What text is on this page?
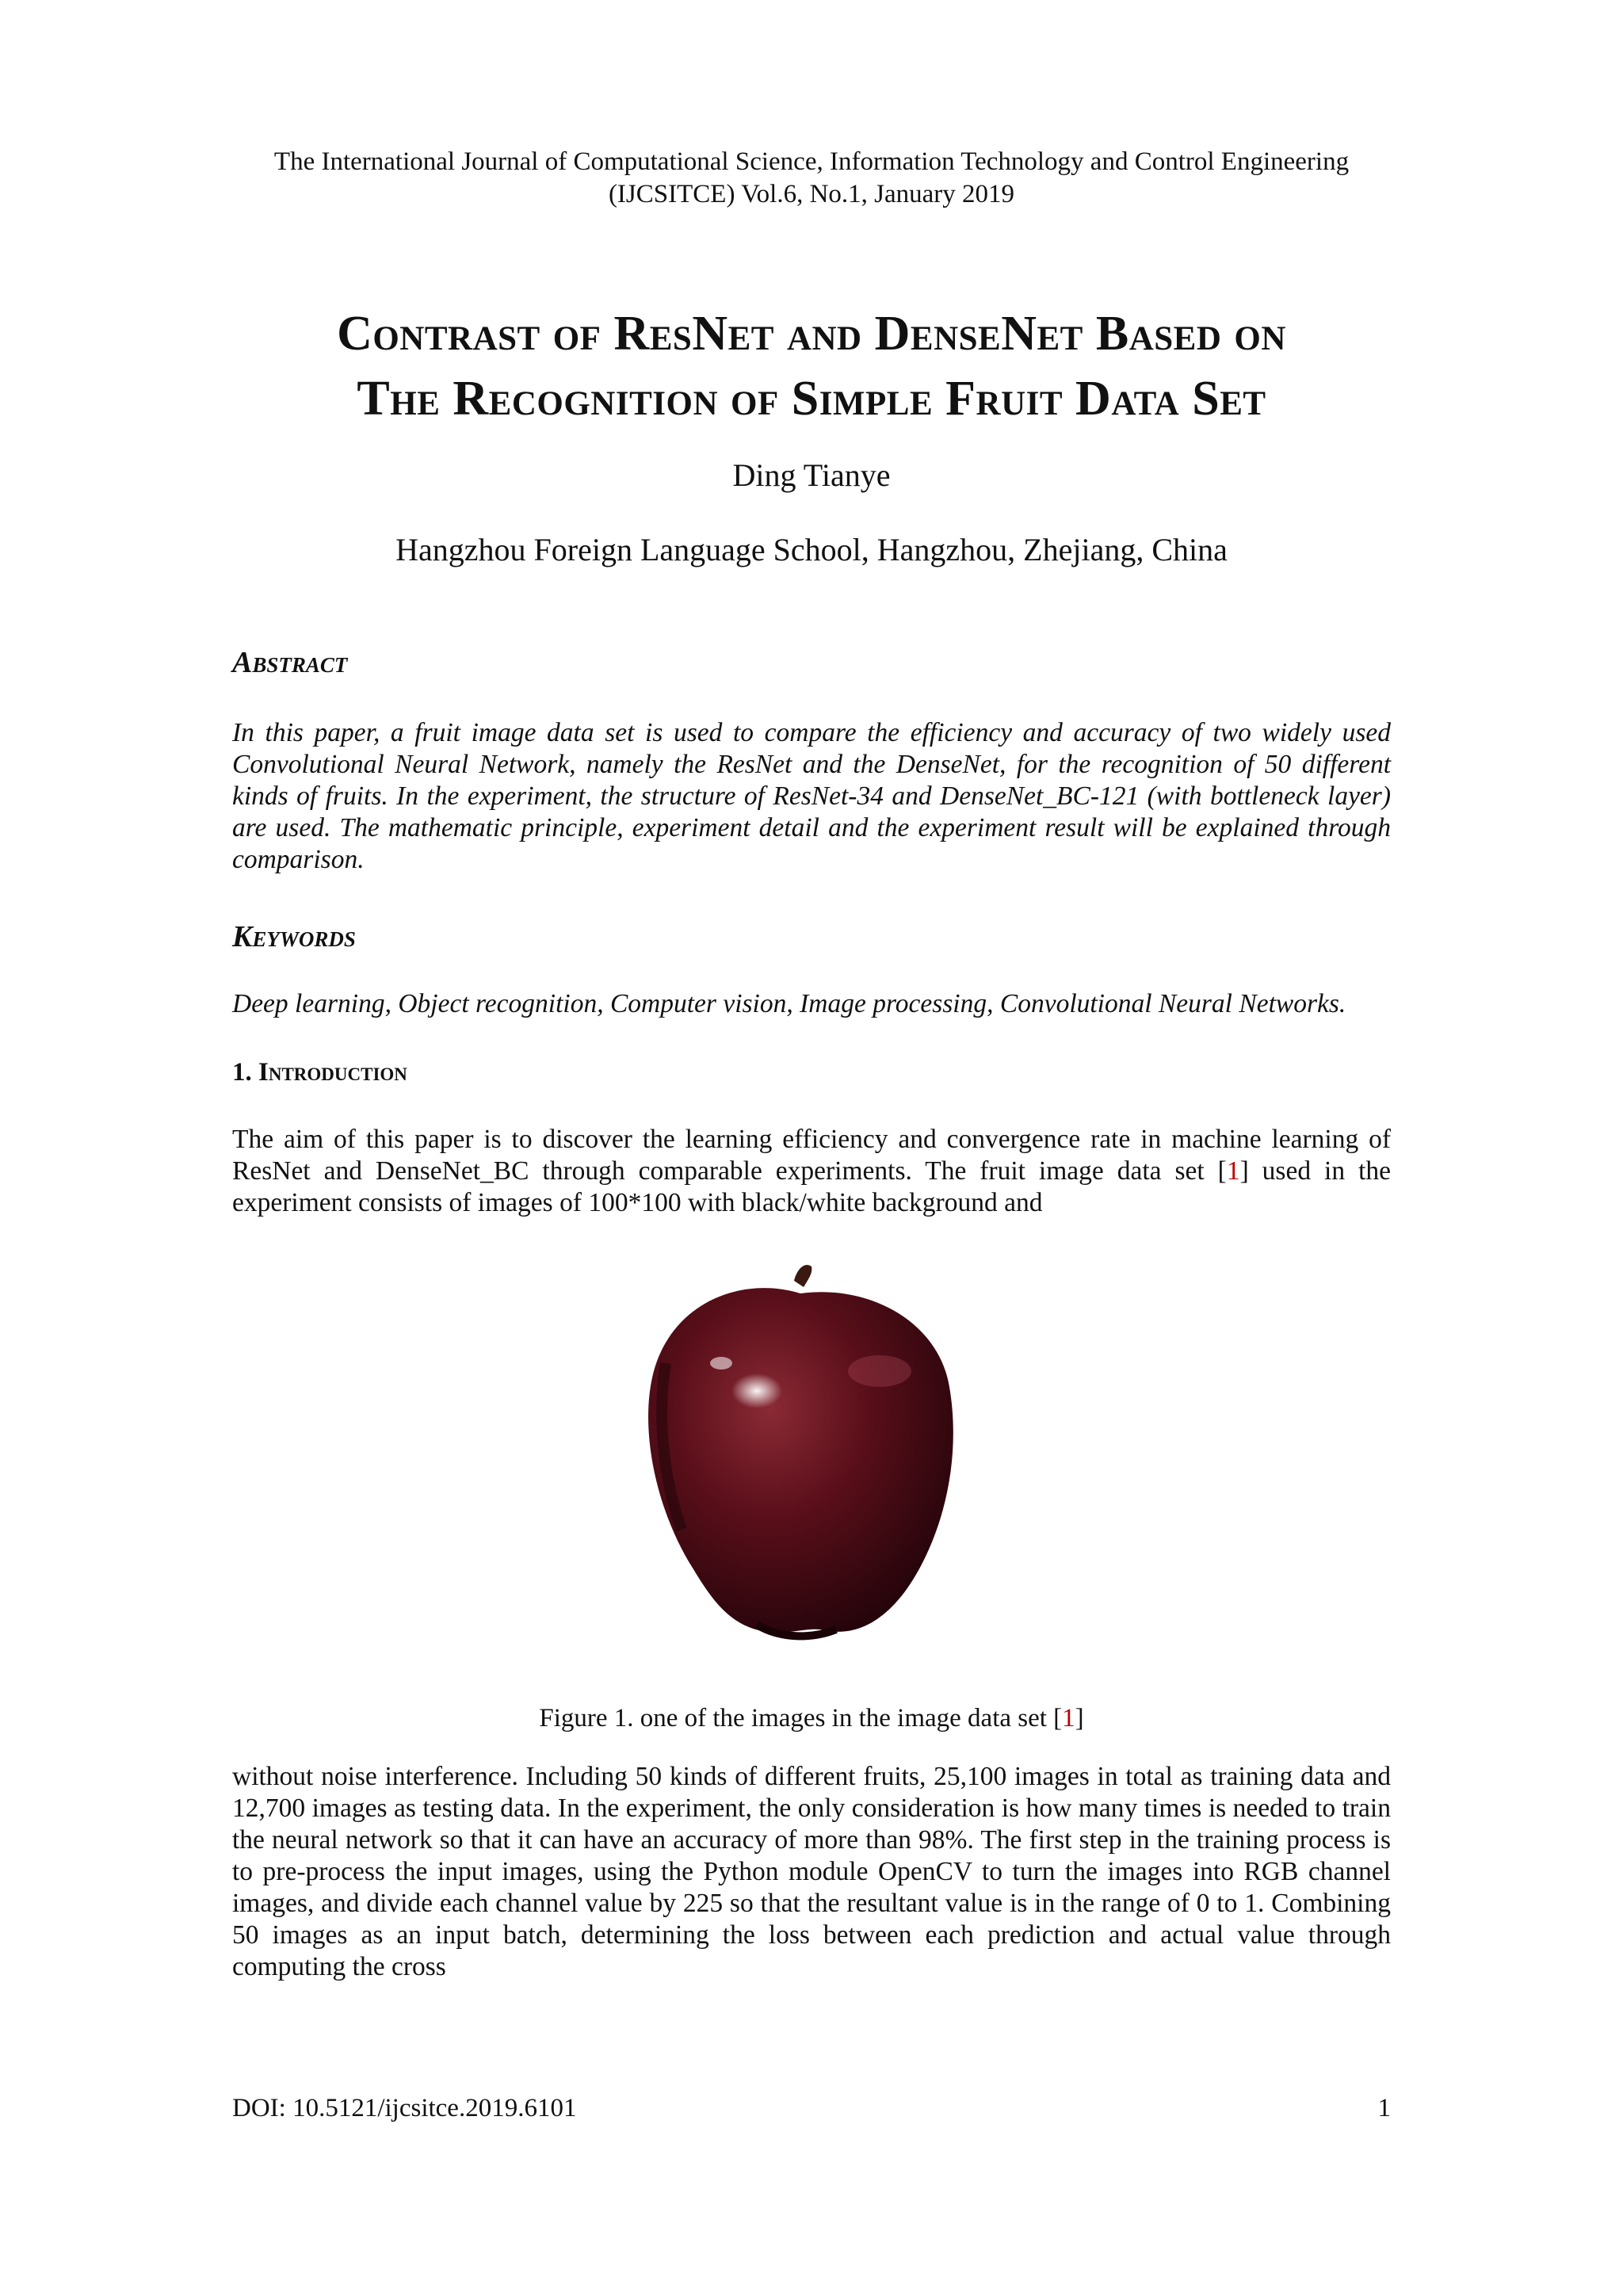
The International Journal of Computational Science, Information Technology and Control Engineering
(IJCSITCE) Vol.6, No.1, January 2019
Contrast of ResNet and DenseNet Based on
The Recognition of Simple Fruit Data Set
Ding Tianye
Hangzhou Foreign Language School, Hangzhou, Zhejiang, China
Abstract
In this paper, a fruit image data set is used to compare the efficiency and accuracy of two widely used Convolutional Neural Network, namely the ResNet and the DenseNet, for the recognition of 50 different kinds of fruits. In the experiment, the structure of ResNet-34 and DenseNet_BC-121 (with bottleneck layer) are used. The mathematic principle, experiment detail and the experiment result will be explained through comparison.
Keywords
Deep learning, Object recognition, Computer vision, Image processing, Convolutional Neural Networks.
1. Introduction
The aim of this paper is to discover the learning efficiency and convergence rate in machine learning of ResNet and DenseNet_BC through comparable experiments. The fruit image data set [1] used in the experiment consists of images of 100*100 with black/white background and
Figure 1. one of the images in the image data set [1]
without noise interference. Including 50 kinds of different fruits, 25,100 images in total as training data and 12,700 images as testing data. In the experiment, the only consideration is how many times is needed to train the neural network so that it can have an accuracy of more than 98%. The first step in the training process is to pre-process the input images, using the Python module OpenCV to turn the images into RGB channel images, and divide each channel value by 225 so that the resultant value is in the range of 0 to 1. Combining 50 images as an input batch, determining the loss between each prediction and actual value through computing the cross
DOI: 10.5121/ijcsitce.2019.6101	1
